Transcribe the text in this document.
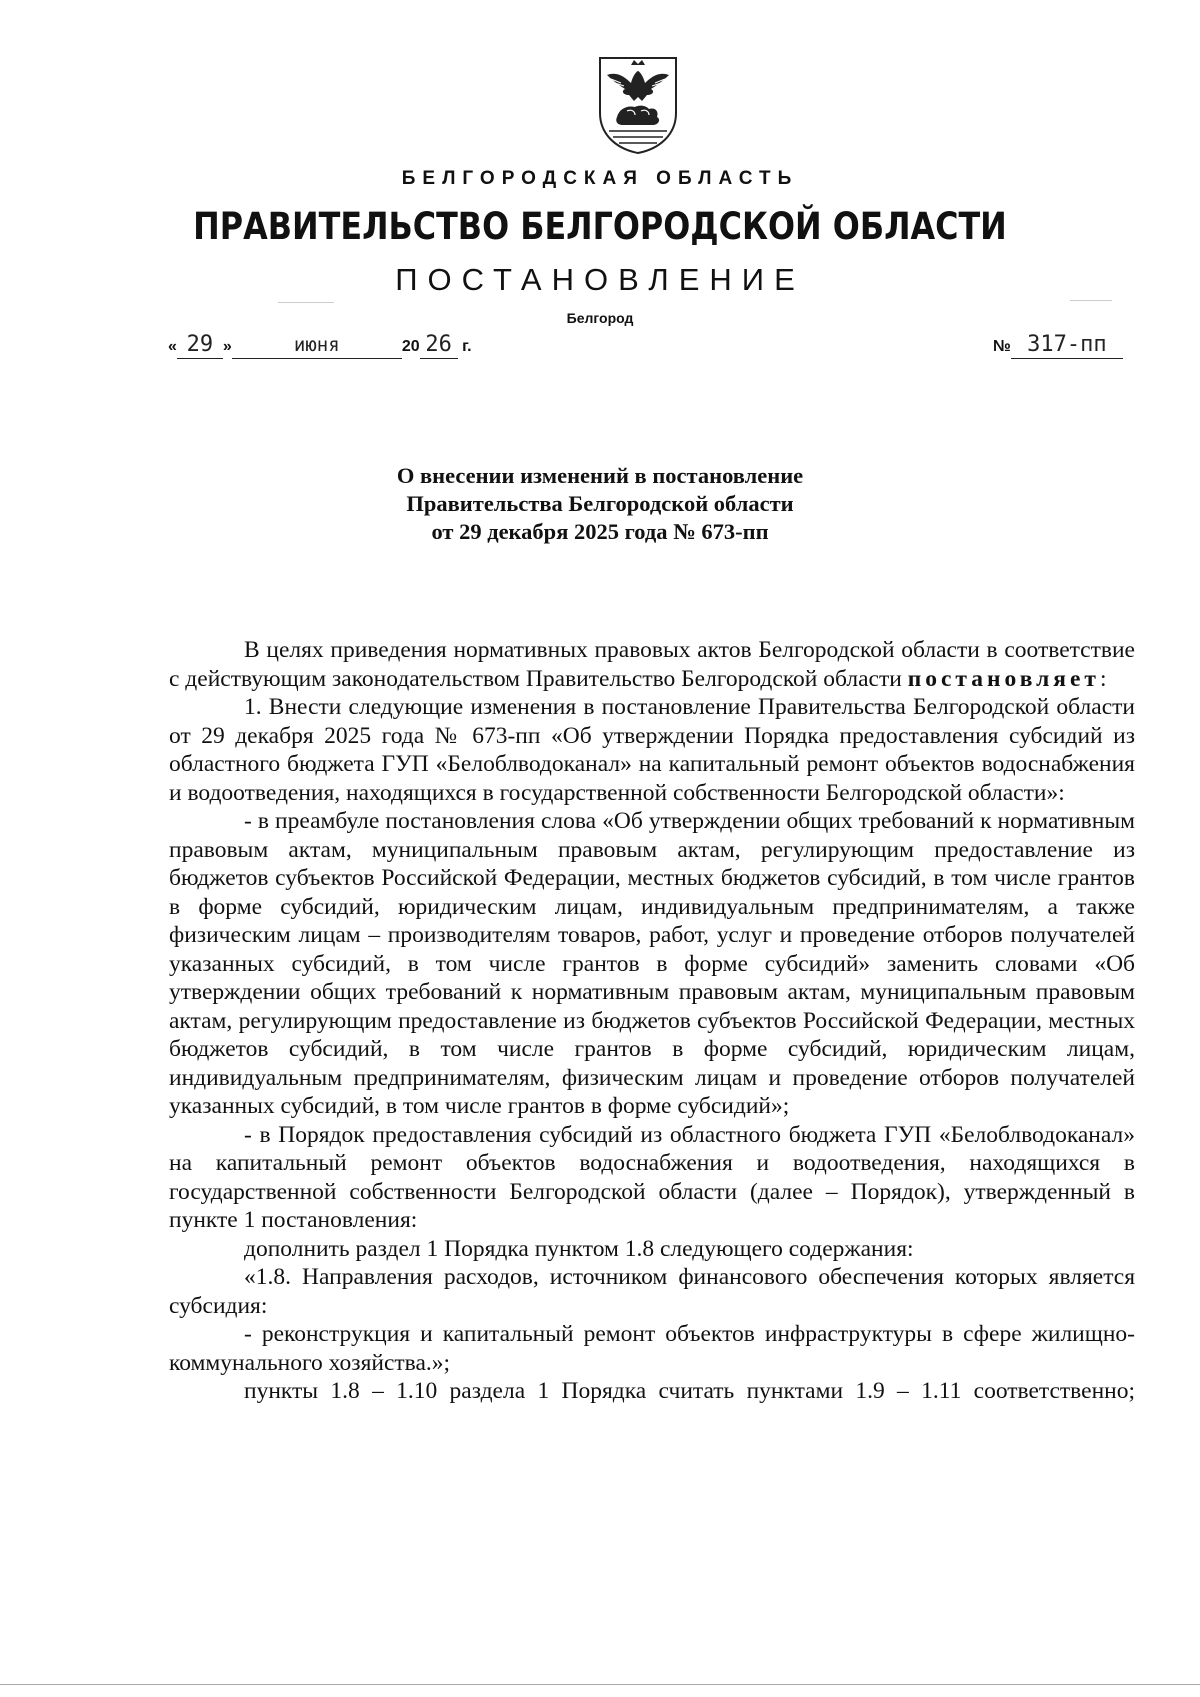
БЕЛГОРОДСКАЯ ОБЛАСТЬ
ПРАВИТЕЛЬСТВО БЕЛГОРОДСКОЙ ОБЛАСТИ
ПОСТАНОВЛЕНИЕ
Белгород
« 29 »	июня	20 26 г.	№ 317-пп
О внесении изменений в постановление
Правительства Белгородской области
от 29 декабря 2025 года № 673-пп

В целях приведения нормативных правовых актов Белгородской области в соответствие с действующим законодательством Правительство Белгородской области постановляет:

1. Внести следующие изменения в постановление Правительства Белгородской области от 29 декабря 2025 года № 673-пп «Об утверждении Порядка предоставления субсидий из областного бюджета ГУП «Белоблводоканал» на капитальный ремонт объектов водоснабжения и водоотведения, находящихся в государственной собственности Белгородской области»:

- в преамбуле постановления слова «Об утверждении общих требований к нормативным правовым актам, муниципальным правовым актам, регулирующим предоставление из бюджетов субъектов Российской Федерации, местных бюджетов субсидий, в том числе грантов в форме субсидий, юридическим лицам, индивидуальным предпринимателям, а также физическим лицам – производителям товаров, работ, услуг и проведение отборов получателей указанных субсидий, в том числе грантов в форме субсидий» заменить словами «Об утверждении общих требований к нормативным правовым актам, муниципальным правовым актам, регулирующим предоставление из бюджетов субъектов Российской Федерации, местных бюджетов субсидий, в том числе грантов в форме субсидий, юридическим лицам, индивидуальным предпринимателям, физическим лицам и проведение отборов получателей указанных субсидий, в том числе грантов в форме субсидий»;

- в Порядок предоставления субсидий из областного бюджета ГУП «Белоблводоканал» на капитальный ремонт объектов водоснабжения и водоотведения, находящихся в государственной собственности Белгородской области (далее – Порядок), утвержденный в пункте 1 постановления:

дополнить раздел 1 Порядка пунктом 1.8 следующего содержания:

«1.8. Направления расходов, источником финансового обеспечения которых является субсидия:

- реконструкция и капитальный ремонт объектов инфраструктуры в сфере жилищно-коммунального хозяйства.»;

пункты 1.8 – 1.10 раздела 1 Порядка считать пунктами 1.9 – 1.11 соответственно;
